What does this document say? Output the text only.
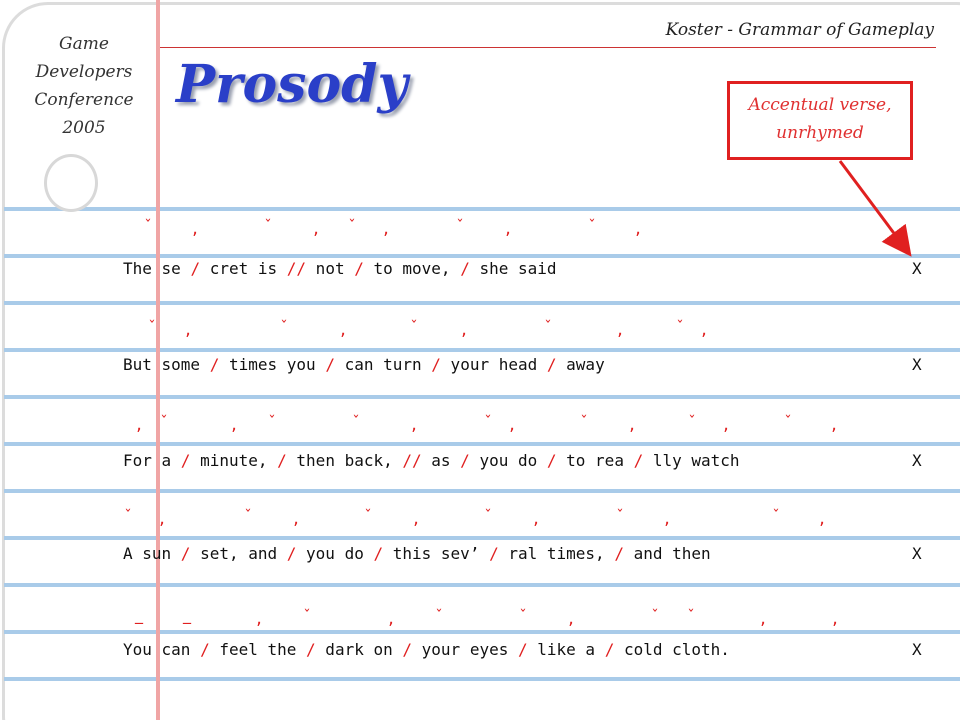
Game
Developers
Conference
2005
Koster - Grammar of Gameplay
Prosody	Accentual verse,
unrhymed
ˇ ,	ˇ , ˇ ,	ˇ ,	ˇ ,
ˇ ,	ˇ	,	ˇ ,	ˇ	,	ˇ ,
, ˇ	, ˇ	ˇ	,	ˇ ,	ˇ ,	ˇ ,	ˇ ,
ˇ ,	ˇ ,	ˇ ,	ˇ ,	ˇ ,	ˇ ,
_	_	,	ˇ	,	ˇ	ˇ ,	ˇ ˇ	,	,
The se / cret is // not / to move, / she said	X
But some / times you / can turn / your head / away	X
For a / minute, / then back, // as / you do / to rea / lly watch	X
A sun / set, and / you do / this sev’ / ral times, / and then	X
You can / feel the / dark on / your eyes / like a / cold cloth.	X
